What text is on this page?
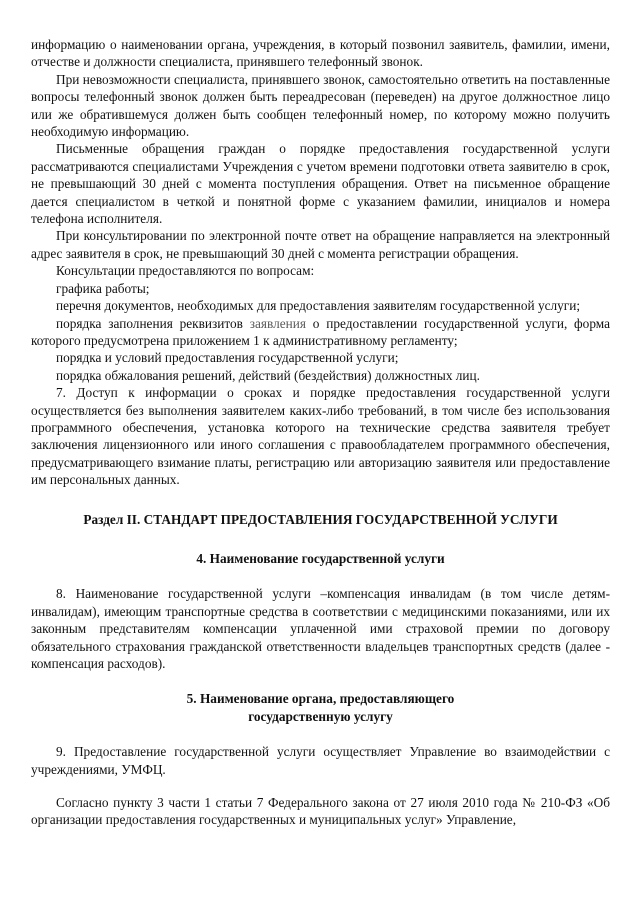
информацию о наименовании органа, учреждения, в который позвонил заявитель, фамилии, имени, отчестве и должности специалиста, принявшего телефонный звонок.

При невозможности специалиста, принявшего звонок, самостоятельно ответить на поставленные вопросы телефонный звонок должен быть переадресован (переведен) на другое должностное лицо или же обратившемуся должен быть сообщен телефонный номер, по которому можно получить необходимую информацию.

Письменные обращения граждан о порядке предоставления государственной услуги рассматриваются специалистами Учреждения с учетом времени подготовки ответа заявителю в срок, не превышающий 30 дней с момента поступления обращения. Ответ на письменное обращение дается специалистом в четкой и понятной форме с указанием фамилии, инициалов и номера телефона исполнителя.

При консультировании по электронной почте ответ на обращение направляется на электронный адрес заявителя в срок, не превышающий 30 дней с момента регистрации обращения.

Консультации предоставляются по вопросам:

графика работы;

перечня документов, необходимых для предоставления заявителям государственной услуги;

порядка заполнения реквизитов заявления о предоставлении государственной услуги, форма которого предусмотрена приложением 1 к административному регламенту;

порядка и условий предоставления государственной услуги;

порядка обжалования решений, действий (бездействия) должностных лиц.

7. Доступ к информации о сроках и порядке предоставления государственной услуги осуществляется без выполнения заявителем каких-либо требований, в том числе без использования программного обеспечения, установка которого на технические средства заявителя требует заключения лицензионного или иного соглашения с правообладателем программного обеспечения, предусматривающего взимание платы, регистрацию или авторизацию заявителя или предоставление им персональных данных.

Раздел II. СТАНДАРТ ПРЕДОСТАВЛЕНИЯ ГОСУДАРСТВЕННОЙ УСЛУГИ

4. Наименование государственной услуги

8. Наименование государственной услуги –компенсация инвалидам (в том числе детям-инвалидам), имеющим транспортные средства в соответствии с медицинскими показаниями, или их законным представителям компенсации уплаченной ими страховой премии по договору обязательного страхования гражданской ответственности владельцев транспортных средств (далее - компенсация расходов).

5. Наименование органа, предоставляющего
государственную услугу

9. Предоставление государственной услуги осуществляет Управление во взаимодействии с учреждениями, УМФЦ.

Согласно пункту 3 части 1 статьи 7 Федерального закона от 27 июля 2010 года № 210-ФЗ «Об организации предоставления государственных и муниципальных услуг» Управление,
